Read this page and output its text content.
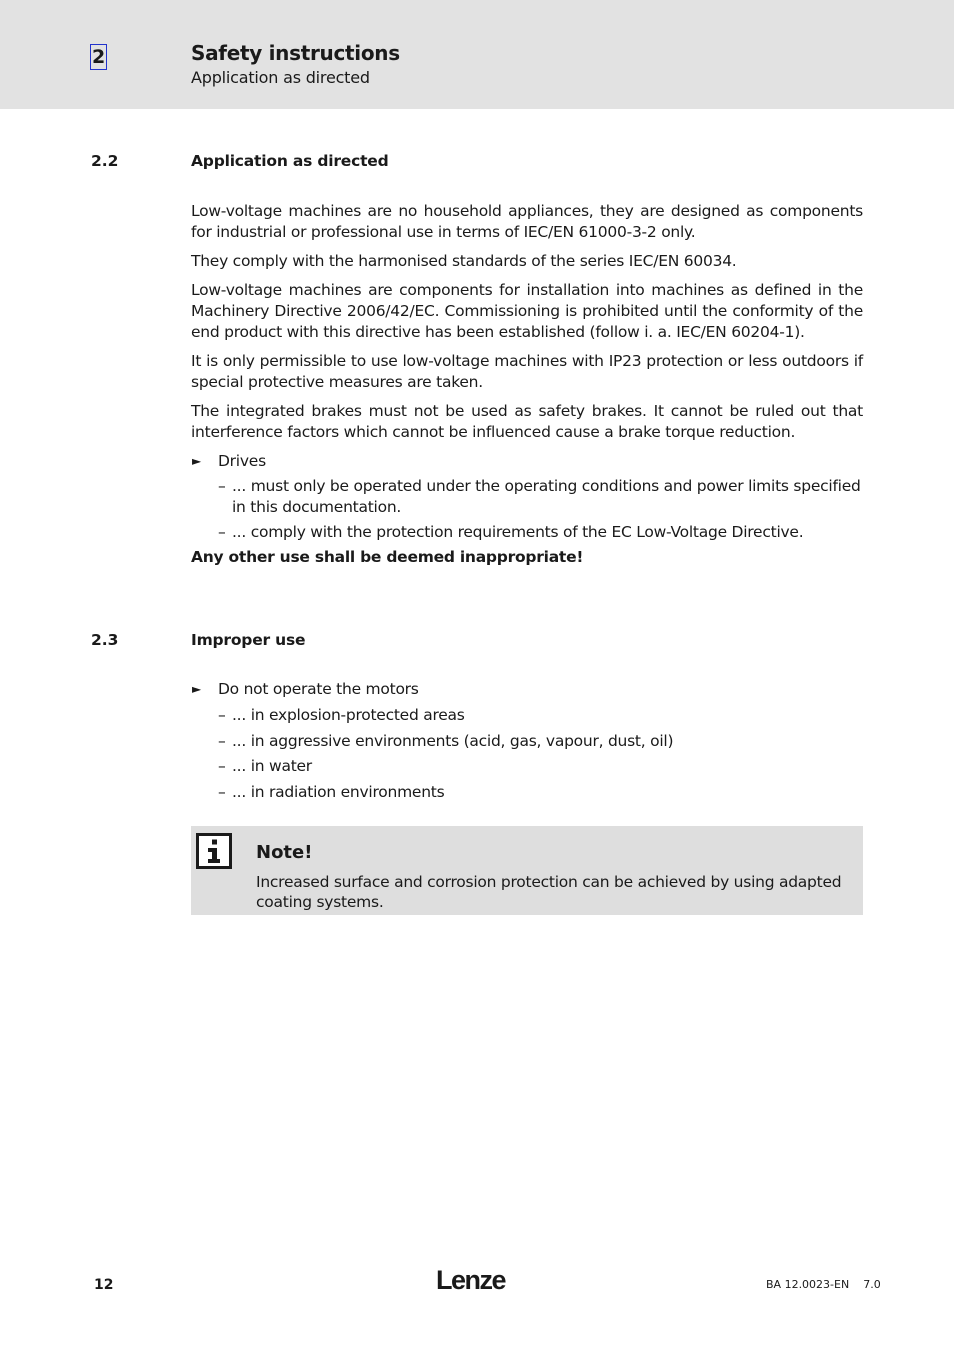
2	Safety instructions
Application as directed
2.2	Application as directed

Low-voltage machines are no household appliances, they are designed as components for industrial or professional use in terms of IEC/EN 61000-3-2 only.

They comply with the harmonised standards of the series IEC/EN 60034.

Low-voltage machines are components for installation into machines as defined in the Machinery Directive 2006/42/EC. Commissioning is prohibited until the conformity of the end product with this directive has been established (follow i. a. IEC/EN 60204-1).

It is only permissible to use low-voltage machines with IP23 protection or less outdoors if special protective measures are taken.

The integrated brakes must not be used as safety brakes. It cannot be ruled out that interference factors which cannot be influenced cause a brake torque reduction.

► Drives
– ... must only be operated under the operating conditions and power limits specified in this documentation.
– ... comply with the protection requirements of the EC Low-Voltage Directive.

Any other use shall be deemed inappropriate!

2.3	Improper use
► Do not operate the motors
– ... in explosion-protected areas
– ... in aggressive environments (acid, gas, vapour, dust, oil)
– ... in water
– ... in radiation environments
Note!
Increased surface and corrosion protection can be achieved by using adapted coating systems.
12	Lenze	BA 12.0023-EN 7.0
